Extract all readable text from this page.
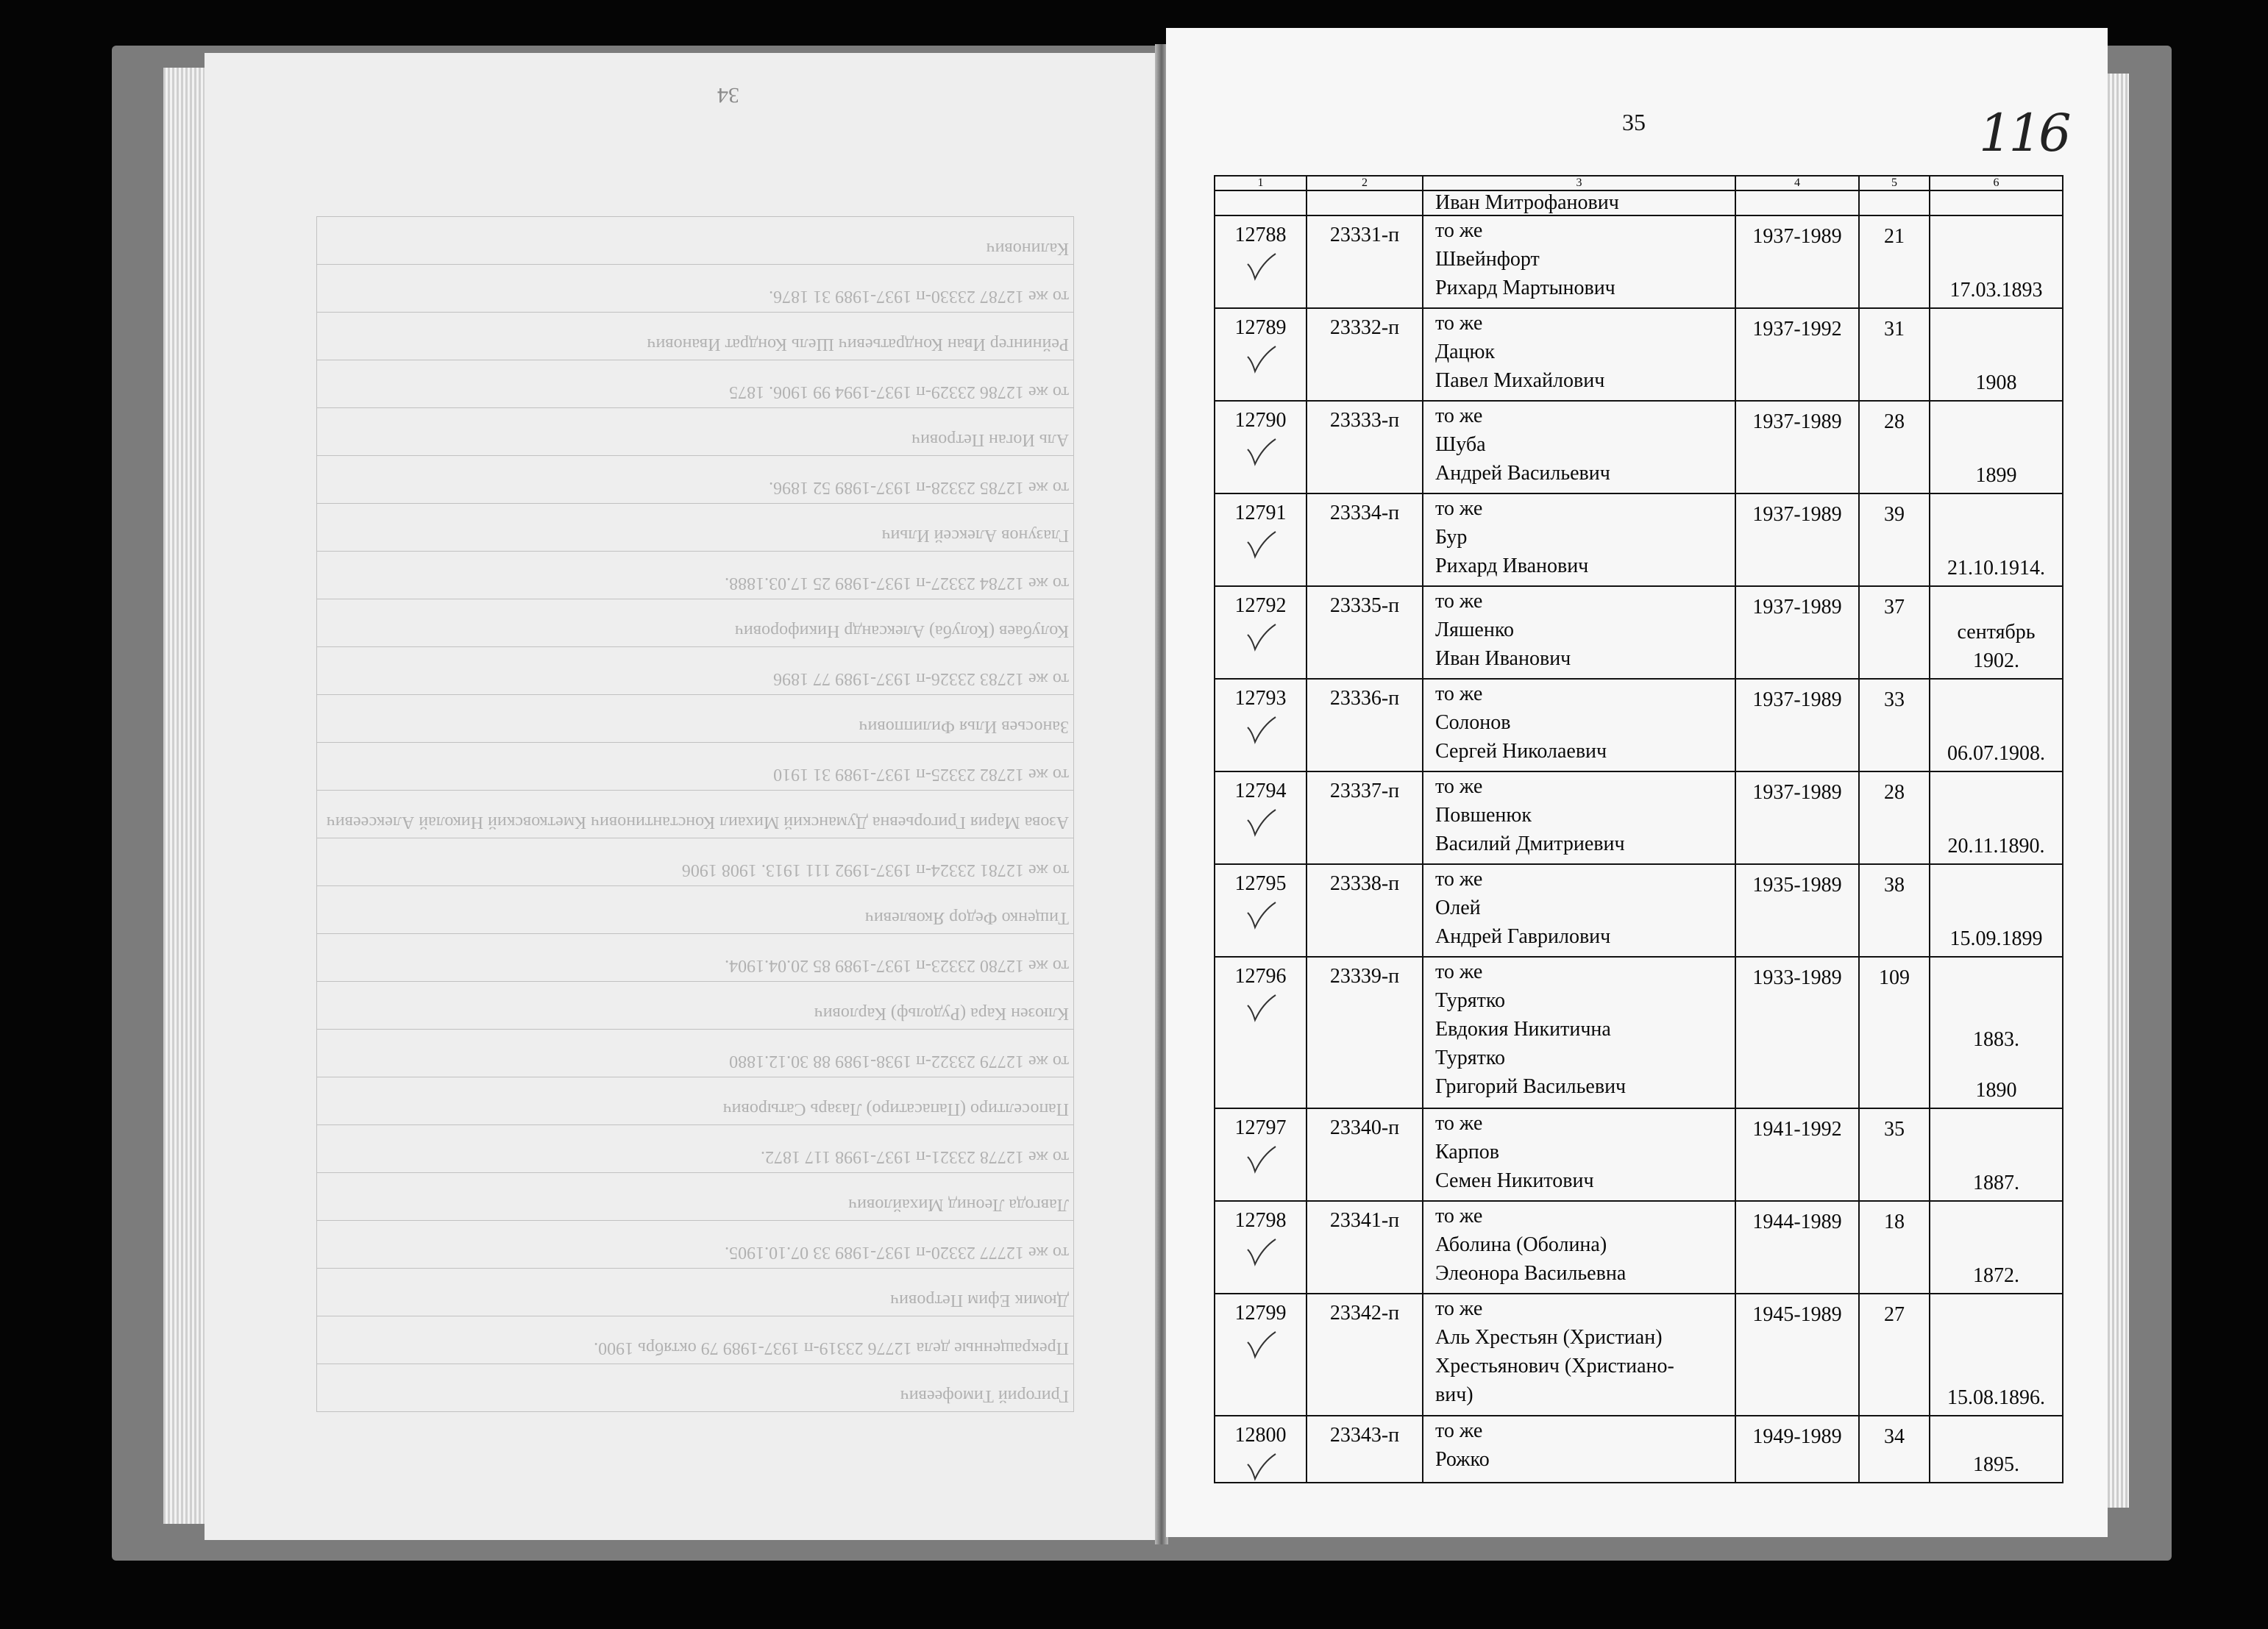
34
Григорий Тимофеевич
Прекращенные дела 12776 23319-п 1937-1989 79 октябрь 1900.
Дюмик Ефим Петрович
то же 12777 23320-п 1937-1989 33 07.10.1905.
Лавгода Леонид Михайлович
то же 12778 23321-п 1937-1998 117 1872.
Папоселтиро (Папасатиро) Лазарь Сатырович
то же 12779 23322-п 1938-1989 88 30.12.1880
Клюзен Кара (Рудольф) Карлович
то же 12780 23323-п 1937-1989 85 20.04.1904.
Тищенко Федор Яковлевич
то же 12781 23324-п 1937-1992 111 1913. 1908 1906
Азова Мария Григорьевна Думанский Михаил Константинович Кметковский Николай Алексеевич
то же 12782 23325-п 1937-1989 31 1910
Заносьев Илья Филиппович
то же 12783 23326-п 1937-1989 77 1896
Колубаев (Колуба) Александр Никифорович
то же 12784 23327-п 1937-1989 25 17.03.1888.
Глазунов Алексей Ильич
то же 12785 23328-п 1937-1989 52 1896.
Аль Иоган Петрович
то же 12786 23329-п 1937-1994 99 1906. 1875
Рейнингер Иван Кондратьевич Шель Кондрат Иванович
то же 12787 23330-п 1937-1989 31 1876.
Калинович
35	116
1	2	3	4	5	6
		Иван Митрофанович			

12788	23331-п	то же
Швейнфорт
Рихард Мартынович	1937-1989	21	17.03.1893

12789	23332-п	то же
Дацюк
Павел Михайлович	1937-1992	31	1908

12790	23333-п	то же
Шуба
Андрей Васильевич	1937-1989	28	1899

12791	23334-п	то же
Бур
Рихард Иванович	1937-1989	39	21.10.1914.

12792	23335-п	то же
Ляшенко
Иван Иванович	1937-1989	37	сентябрь
1902.

12793	23336-п	то же
Солонов
Сергей Николаевич	1937-1989	33	06.07.1908.

12794	23337-п	то же
Повшенюк
Василий Дмитриевич	1937-1989	28	20.11.1890.

12795	23338-п	то же
Олей
Андрей Гаврилович	1935-1989	38	15.09.1899

12796	23339-п	то же
Турятко
Евдокия Никитична
Турятко
Григорий Васильевич	1933-1989	109	1883.
1890

12797	23340-п	то же
Карпов
Семен Никитович	1941-1992	35	1887.

12798	23341-п	то же
Аболина (Оболина)
Элеонора Васильевна	1944-1989	18	1872.

12799	23342-п	то же
Аль Хрестьян (Христиан)
Хрестьянович (Христиано-
вич)	1945-1989	27	15.08.1896.

12800	23343-п	то же
Рожко	1949-1989	34	1895.
